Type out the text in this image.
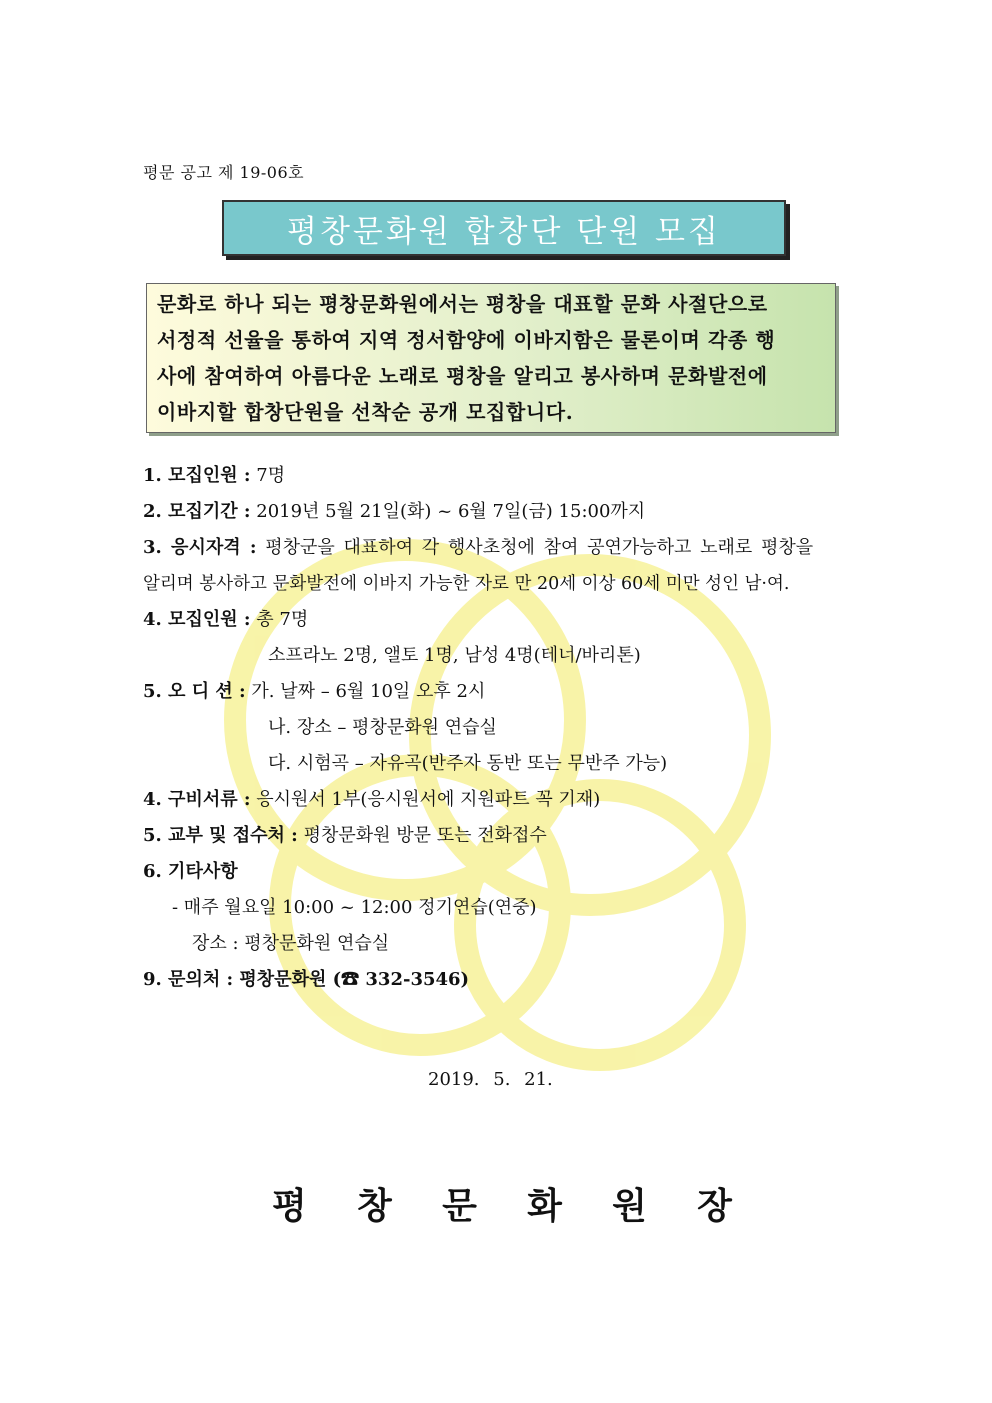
평문 공고 제 19-06호
평창문화원 합창단 단원 모집
문화로 하나 되는 평창문화원에서는 평창을 대표할 문화 사절단으로
서정적 선율을 통하여 지역 정서함양에 이바지함은 물론이며 각종 행
사에 참여하여 아름다운 노래로 평창을 알리고 봉사하며 문화발전에
이바지할 합창단원을 선착순 공개 모집합니다.
1. 모집인원 : 7명
2. 모집기간 : 2019년 5월 21일(화) ~ 6월 7일(금) 15:00까지
3. 응시자격 : 평창군을 대표하여 각 행사초청에 참여 공연가능하고 노래로 평창을
알리며 봉사하고 문화발전에 이바지 가능한 자로 만 20세 이상 60세 미만 성인 남·여.
4. 모집인원 : 총 7명
소프라노 2명, 앨토 1명, 남성 4명(테너/바리톤)
5. 오 디 션 : 가. 날짜 – 6월 10일 오후 2시
나. 장소 – 평창문화원 연습실
다. 시험곡 – 자유곡(반주자 동반 또는 무반주 가능)
4. 구비서류 : 응시원서 1부(응시원서에 지원파트 꼭 기재)
5. 교부 및 접수처 : 평창문화원 방문 또는 전화접수
6. 기타사항
- 매주 월요일 10:00 ~ 12:00 정기연습(연중)
장소 : 평창문화원 연습실
9. 문의처 : 평창문화원 (☎ 332-3546)
2019. 5. 21.
평 창 문 화 원 장
